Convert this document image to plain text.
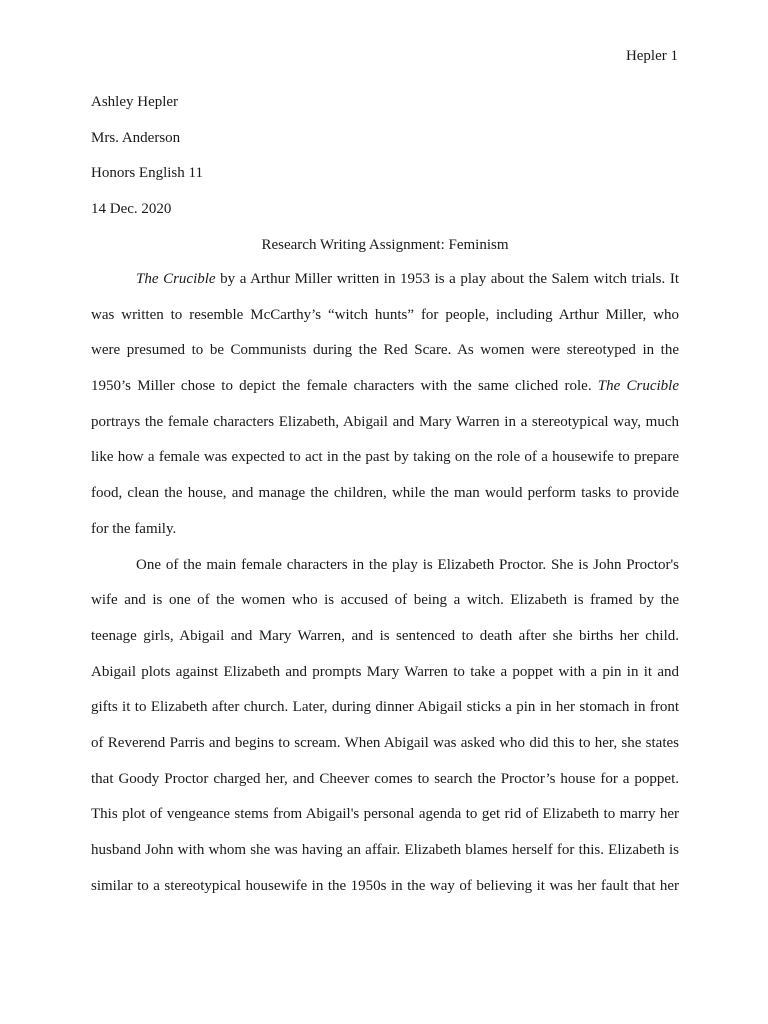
Hepler 1
Ashley Hepler
Mrs. Anderson
Honors English 11
14 Dec. 2020
Research Writing Assignment: Feminism
The Crucible by a Arthur Miller written in 1953 is a play about the Salem witch trials. It
was written to resemble McCarthy’s “witch hunts” for people, including Arthur Miller, who
were presumed to be Communists during the Red Scare. As women were stereotyped in the
1950’s Miller chose to depict the female characters with the same cliched role. The Crucible
portrays the female characters Elizabeth, Abigail and Mary Warren in a stereotypical way, much
like how a female was expected to act in the past by taking on the role of a housewife to prepare
food, clean the house, and manage the children, while the man would perform tasks to provide
for the family.
One of the main female characters in the play is Elizabeth Proctor. She is John Proctor's
wife and is one of the women who is accused of being a witch. Elizabeth is framed by the
teenage girls, Abigail and Mary Warren, and is sentenced to death after she births her child.
Abigail plots against Elizabeth and prompts Mary Warren to take a poppet with a pin in it and
gifts it to Elizabeth after church. Later, during dinner Abigail sticks a pin in her stomach in front
of Reverend Parris and begins to scream. When Abigail was asked who did this to her, she states
that Goody Proctor charged her, and Cheever comes to search the Proctor’s house for a poppet.
This plot of vengeance stems from Abigail's personal agenda to get rid of Elizabeth to marry her
husband John with whom she was having an affair. Elizabeth blames herself for this. Elizabeth is
similar to a stereotypical housewife in the 1950s in the way of believing it was her fault that her
